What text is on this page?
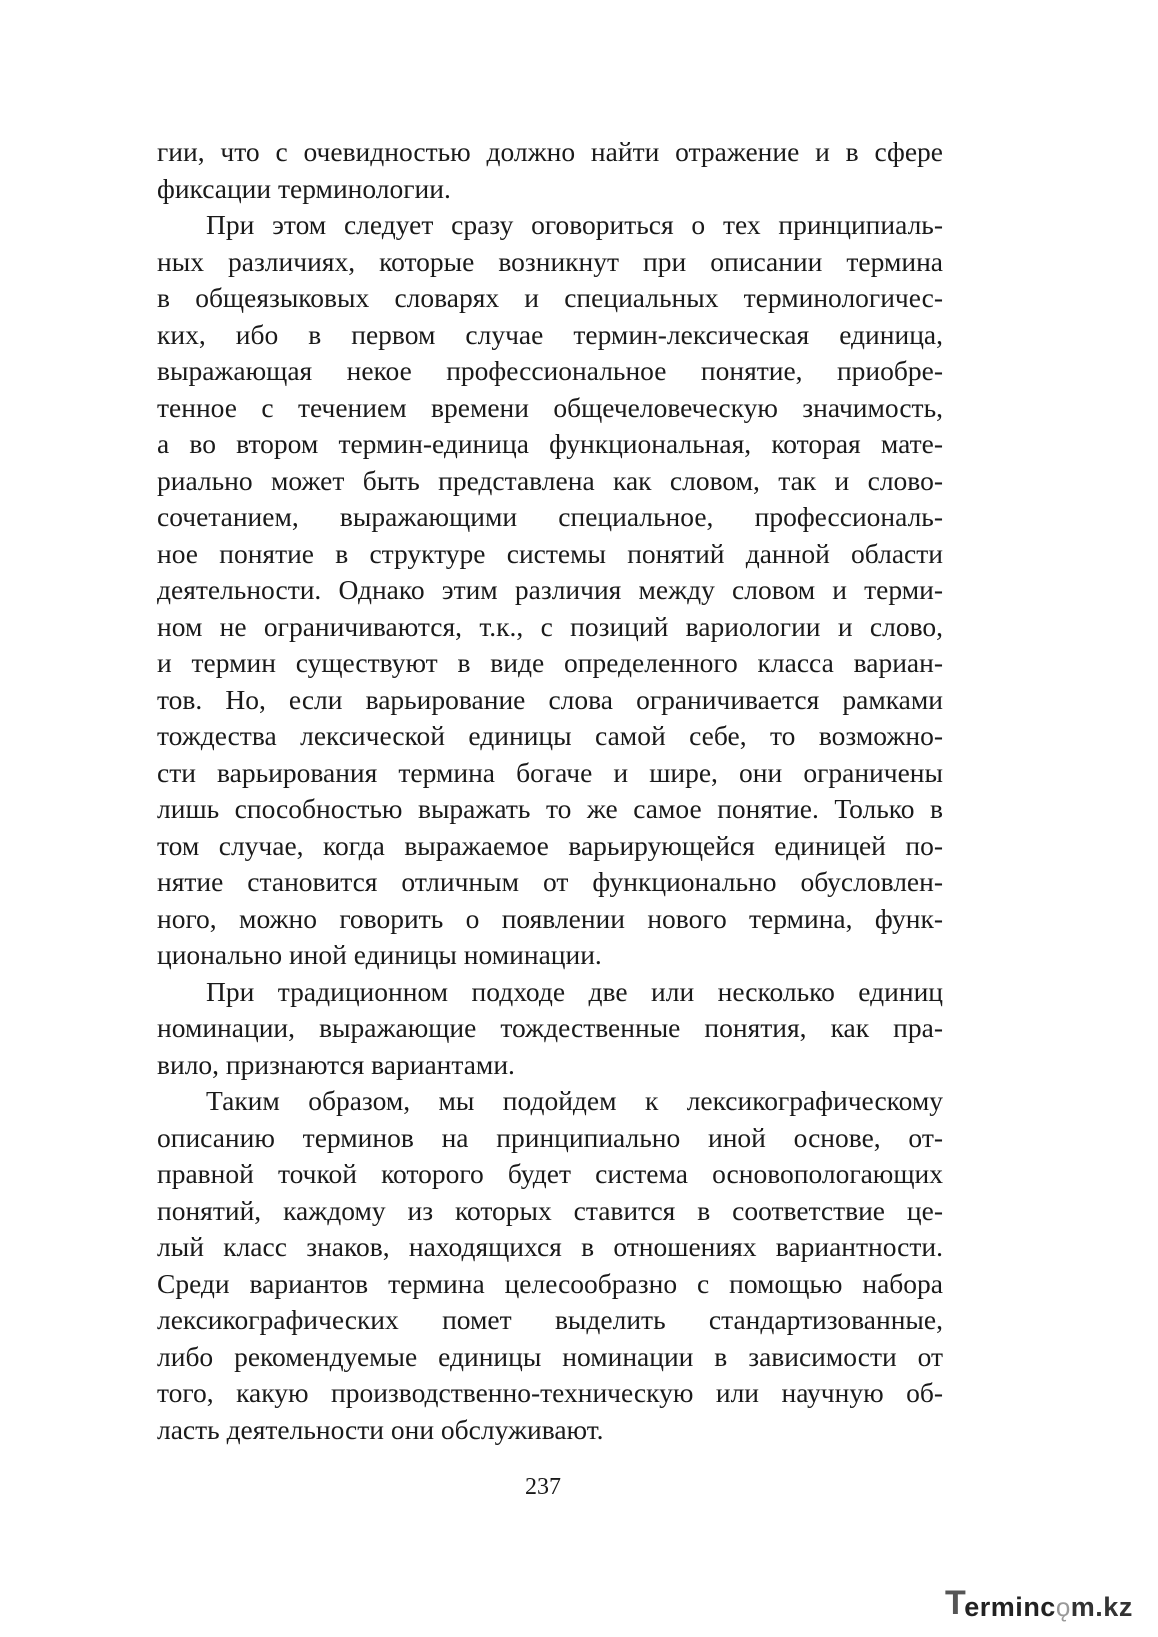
гии, что с очевидностью должно найти отражение и в сфере
фиксации терминологии.
При этом следует сразу оговориться о тех принципиаль-
ных различиях, которые возникнут при описании термина
в общеязыковых словарях и специальных терминологичес-
ких, ибо в первом случае термин-лексическая единица,
выражающая некое профессиональное понятие, приобре-
тенное с течением времени общечеловеческую значимость,
а во втором термин-единица функциональная, которая мате-
риально может быть представлена как словом, так и слово-
сочетанием, выражающими специальное, профессиональ-
ное понятие в структуре системы понятий данной области
деятельности. Однако этим различия между словом и терми-
ном не ограничиваются, т.к., с позиций вариологии и слово,
и термин существуют в виде определенного класса вариан-
тов. Но, если варьирование слова ограничивается рамками
тождества лексической единицы самой себе, то возможно-
сти варьирования термина богаче и шире, они ограничены
лишь способностью выражать то же самое понятие. Только в
том случае, когда выражаемое варьирующейся единицей по-
нятие становится отличным от функционально обусловлен-
ного, можно говорить о появлении нового термина, функ-
ционально иной единицы номинации.
При традиционном подходе две или несколько единиц
номинации, выражающие тождественные понятия, как пра-
вило, признаются вариантами.
Таким образом, мы подойдем к лексикографическому
описанию терминов на принципиально иной основе, от-
правной точкой которого будет система основопологающих
понятий, каждому из которых ставится в соответствие це-
лый класс знаков, находящихся в отношениях вариантности.
Среди вариантов термина целесообразно с помощью набора
лексикографических помет выделить стандартизованные,
либо рекомендуемые единицы номинации в зависимости от
того, какую производственно-техническую или научную об-
ласть деятельности они обслуживают.
237
T
erminc ǫ m.kz
